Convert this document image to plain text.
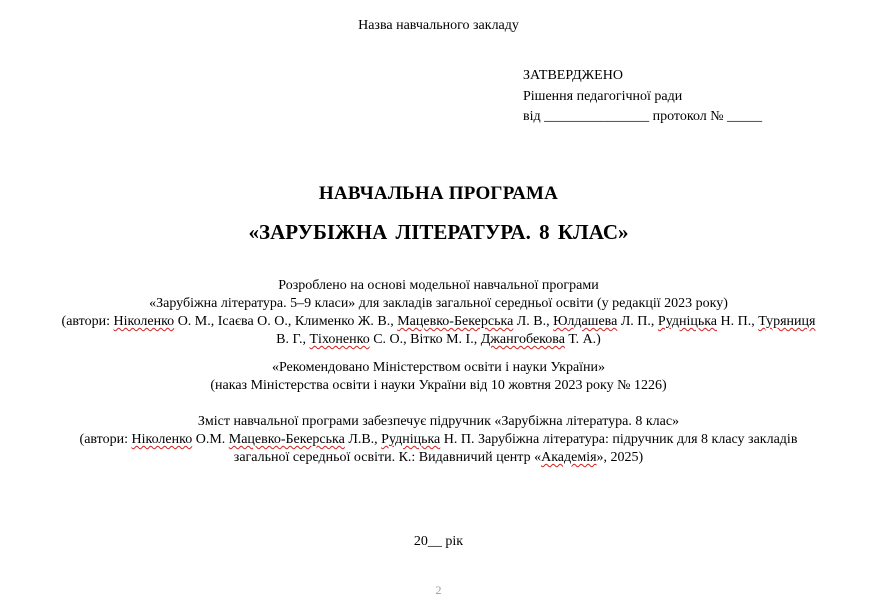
Назва навчального закладу
ЗАТВЕРДЖЕНО
Рішення педагогічної ради
від _______________ протокол № _____
НАВЧАЛЬНА ПРОГРАМА
«ЗАРУБІЖНА ЛІТЕРАТУРА. 8 КЛАС»
Розроблено на основі модельної навчальної програми
«Зарубіжна література. 5–9 класи» для закладів загальної середньої освіти (у редакції 2023 року)
(автори: Ніколенко О. М., Ісаєва О. О., Клименко Ж. В., Мацевко-Бекерська Л. В., Юлдашева Л. П., Рудніцька Н. П., Туряниця
В. Г., Тіхоненко С. О., Вітко М. І., Джангобекова Т. А.)
«Рекомендовано Міністерством освіти і науки України»
(наказ Міністерства освіти і науки України від 10 жовтня 2023 року № 1226)
Зміст навчальної програми забезпечує підручник «Зарубіжна література. 8 клас»
(автори: Ніколенко О.М. Мацевко-Бекерська Л.В., Рудніцька Н. П. Зарубіжна література: підручник для 8 класу закладів
загальної середньої освіти. К.: Видавничий центр «Академія», 2025)
20__ рік
2
